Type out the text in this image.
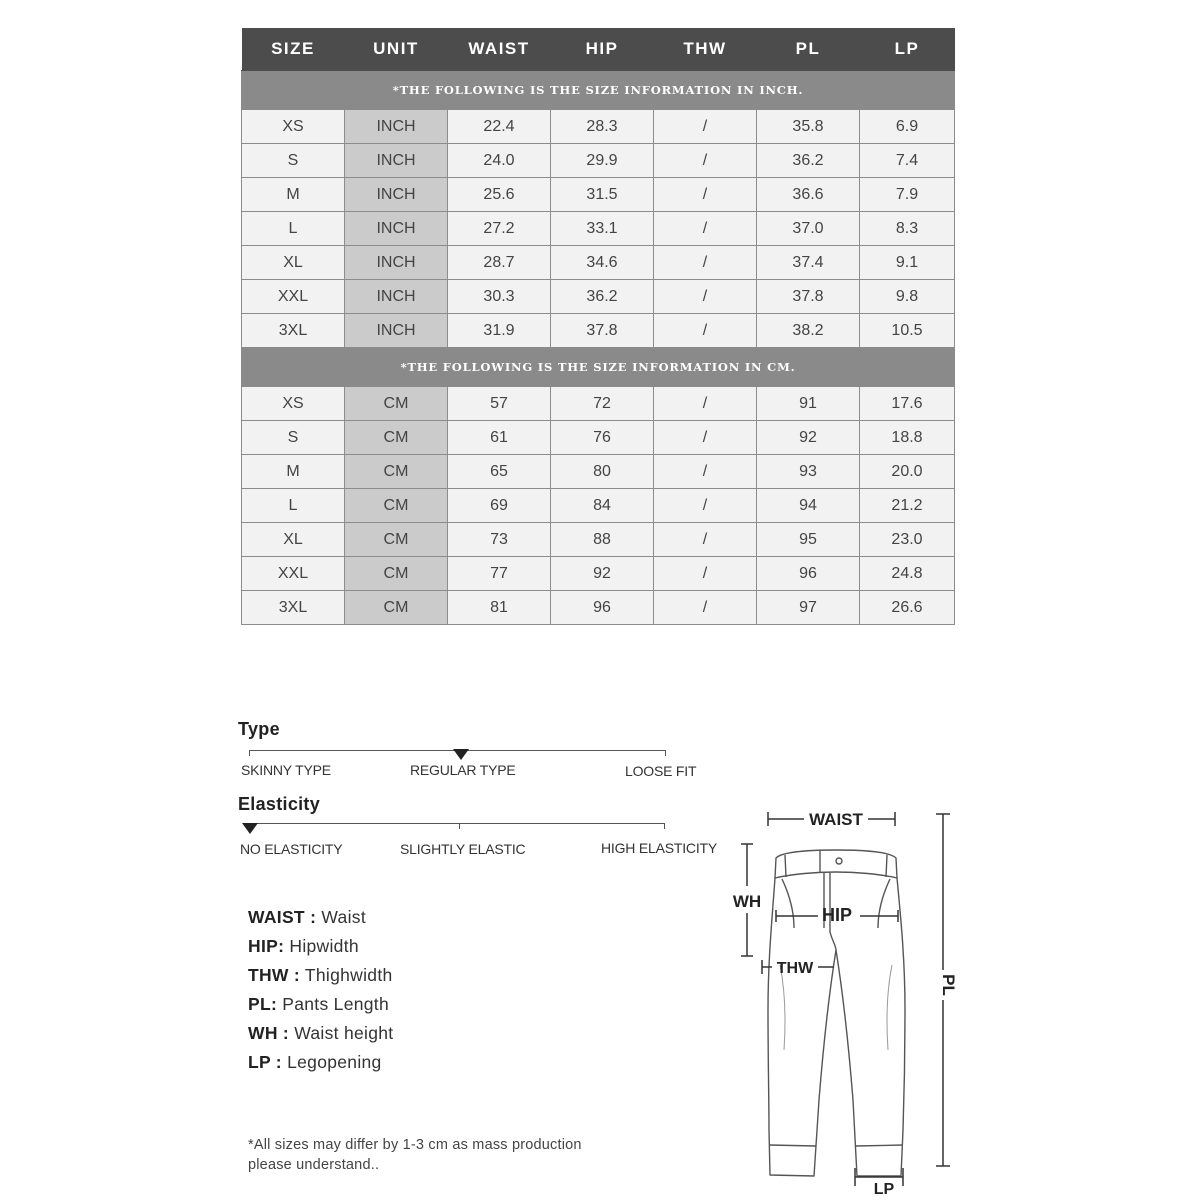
SIZE	UNIT	WAIST	HIP	THW	PL	LP
*THE FOLLOWING IS THE SIZE INFORMATION IN INCH.						
XS	INCH	22.4	28.3	/	35.8	6.9
S	INCH	24.0	29.9	/	36.2	7.4
M	INCH	25.6	31.5	/	36.6	7.9
L	INCH	27.2	33.1	/	37.0	8.3
XL	INCH	28.7	34.6	/	37.4	9.1
XXL	INCH	30.3	36.2	/	37.8	9.8
3XL	INCH	31.9	37.8	/	38.2	10.5
*THE FOLLOWING IS THE SIZE INFORMATION IN CM.						
XS	CM	57	72	/	91	17.6
S	CM	61	76	/	92	18.8
M	CM	65	80	/	93	20.0
L	CM	69	84	/	94	21.2
XL	CM	73	88	/	95	23.0
XXL	CM	77	92	/	96	24.8
3XL	CM	81	96	/	97	26.6
Type
SKINNY TYPE	REGULAR TYPE	LOOSE FIT
Elasticity
NO ELASTICITY	SLIGHTLY ELASTIC	HIGH ELASTICITY
WAIST : Waist
HIP: Hipwidth
THW : Thighwidth
PL: Pants Length
WH : Waist height
LP : Legopening
*All sizes may differ by 1-3 cm as mass production
please understand..
WAIST
PL
WH
HIP
THW
LP
